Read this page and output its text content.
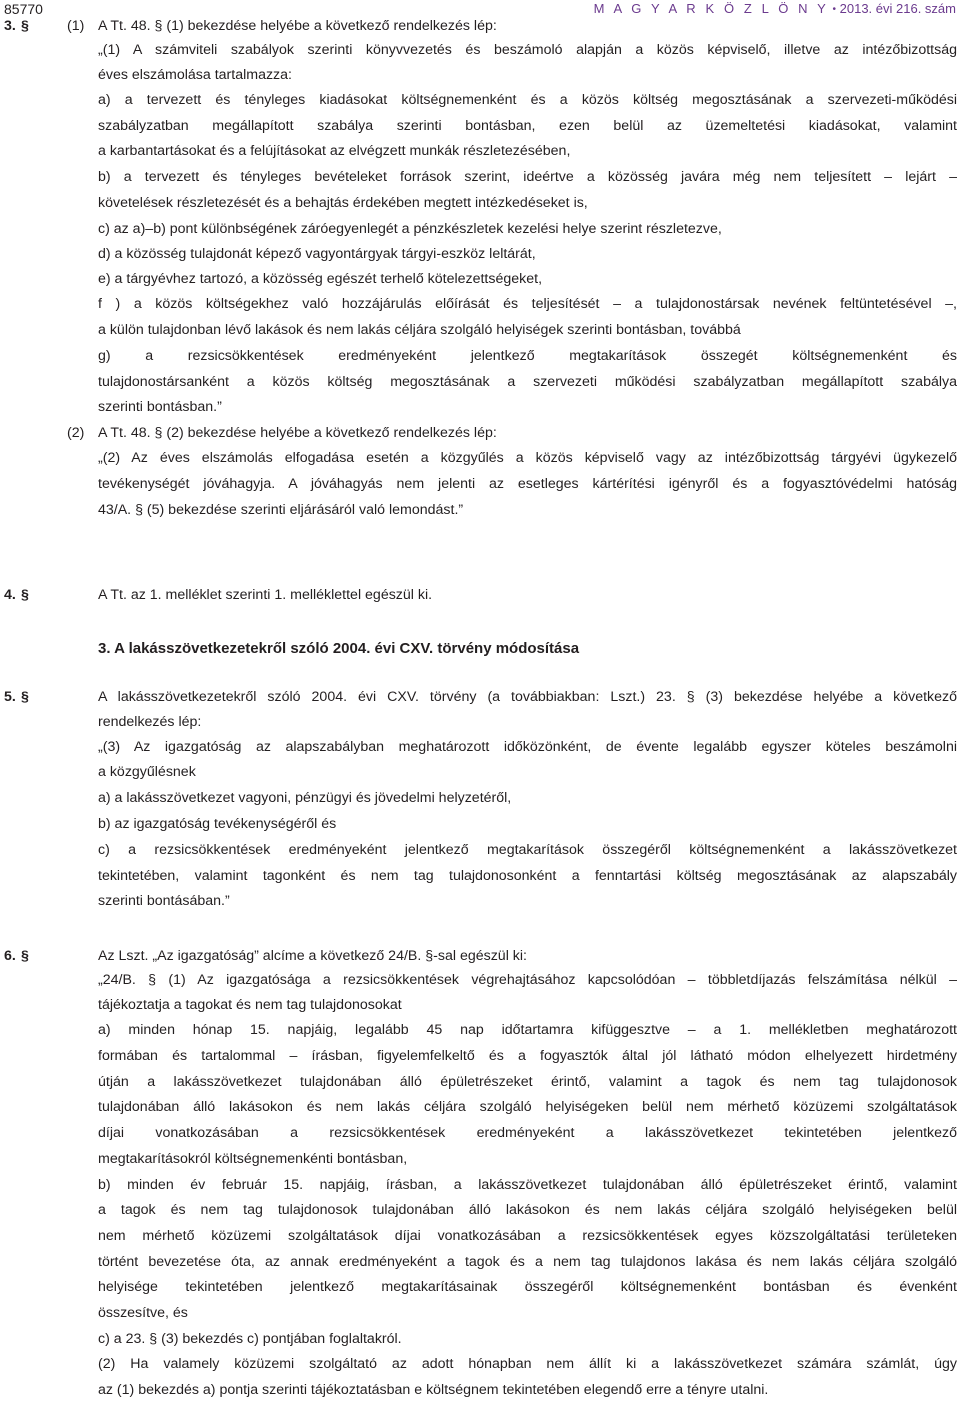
85770	M A G Y A R K Ö Z L Ö N Y • 2013. évi 216. szám
A Tt. 48. § (1) bekezdése helyébe a következő rendelkezés lép:
„(1) A számviteli szabályok szerinti könyvvezetés és beszámoló alapján a közös képviselő, illetve az intézőbizottság
éves elszámolása tartalmazza:
a) a tervezett és tényleges kiadásokat költségnemenként és a közös költség megosztásának a szervezeti-működési
szabályzatban megállapított szabálya szerinti bontásban, ezen belül az üzemeltetési kiadásokat, valamint
a karbantartásokat és a felújításokat az elvégzett munkák részletezésében,
b) a tervezett és tényleges bevételeket források szerint, ideértve a közösség javára még nem teljesített – lejárt –
követelések részletezését és a behajtás érdekében megtett intézkedéseket is,
c) az a)–b) pont különbségének záróegyenlegét a pénzkészletek kezelési helye szerint részletezve,
d) a közösség tulajdonát képező vagyontárgyak tárgyi-eszköz leltárát,
e) a tárgyévhez tartozó, a közösség egészét terhelő kötelezettségeket,
f ) a közös költségekhez való hozzájárulás előírását és teljesítését – a tulajdonostársak nevének feltüntetésével –,
a külön tulajdonban lévő lakások és nem lakás céljára szolgáló helyiségek szerinti bontásban, továbbá
g) a rezsicsökkentések eredményeként jelentkező megtakarítások összegét költségnemenként és
tulajdonostársanként a közös költség megosztásának a szervezeti működési szabályzatban megállapított szabálya
szerinti bontásban.”
A Tt. 48. § (2) bekezdése helyébe a következő rendelkezés lép:
„(2) Az éves elszámolás elfogadása esetén a közgyűlés a közös képviselő vagy az intézőbizottság tárgyévi ügykezelő
tevékenységét jóváhagyja. A jóváhagyás nem jelenti az esetleges kártérítési igényről és a fogyasztóvédelmi hatóság
43/A. § (5) bekezdése szerinti eljárásáról való lemondást.”
A Tt. az 1. melléklet szerinti 1. melléklettel egészül ki.
A lakásszövetkezetekről szóló 2004. évi CXV. törvény (a továbbiakban: Lszt.) 23. § (3) bekezdése helyébe a következő
rendelkezés lép:
„(3) Az igazgatóság az alapszabályban meghatározott időközönként, de évente legalább egyszer köteles beszámolni
a közgyűlésnek
a) a lakásszövetkezet vagyoni, pénzügyi és jövedelmi helyzetéről,
b) az igazgatóság tevékenységéről és
c) a rezsicsökkentések eredményeként jelentkező megtakarítások összegéről költségnemenként a lakásszövetkezet
tekintetében, valamint tagonként és nem tag tulajdonosonként a fenntartási költség megosztásának az alapszabály
szerinti bontásában.”
Az Lszt. „Az igazgatóság” alcíme a következő 24/B. §-sal egészül ki:
„24/B. § (1) Az igazgatósága a rezsicsökkentések végrehajtásához kapcsolódóan – többletdíjazás felszámítása nélkül –
tájékoztatja a tagokat és nem tag tulajdonosokat
a) minden hónap 15. napjáig, legalább 45 nap időtartamra kifüggesztve – a 1. mellékletben meghatározott
formában és tartalommal – írásban, figyelemfelkeltő és a fogyasztók által jól látható módon elhelyezett hirdetmény
útján a lakásszövetkezet tulajdonában álló épületrészeket érintő, valamint a tagok és nem tag tulajdonosok
tulajdonában álló lakásokon és nem lakás céljára szolgáló helyiségeken belül nem mérhető közüzemi szolgáltatások
díjai vonatkozásában a rezsicsökkentések eredményeként a lakásszövetkezet tekintetében jelentkező
megtakarításokról költségnemenkénti bontásban,
b) minden év február 15. napjáig, írásban, a lakásszövetkezet tulajdonában álló épületrészeket érintő, valamint
a tagok és nem tag tulajdonosok tulajdonában álló lakásokon és nem lakás céljára szolgáló helyiségeken belül
nem mérhető közüzemi szolgáltatások díjai vonatkozásában a rezsicsökkentések egyes közszolgáltatási területeken
történt bevezetése óta, az annak eredményeként a tagok és a nem tag tulajdonos lakása és nem lakás céljára szolgáló
helyisége tekintetében jelentkező megtakarításainak összegéről költségnemenként bontásban és évenként
összesítve, és
c) a 23. § (3) bekezdés c) pontjában foglaltakról.
(2) Ha valamely közüzemi szolgáltató az adott hónapban nem állít ki a lakásszövetkezet számára számlát, úgy
az (1) bekezdés a) pontja szerinti tájékoztatásban e költségnem tekintetében elegendő erre a tényre utalni.
3. §
4. §
5. §
6. §
(1)
(2)
3. A lakásszövetkezetekről szóló 2004. évi CXV. törvény módosítása
